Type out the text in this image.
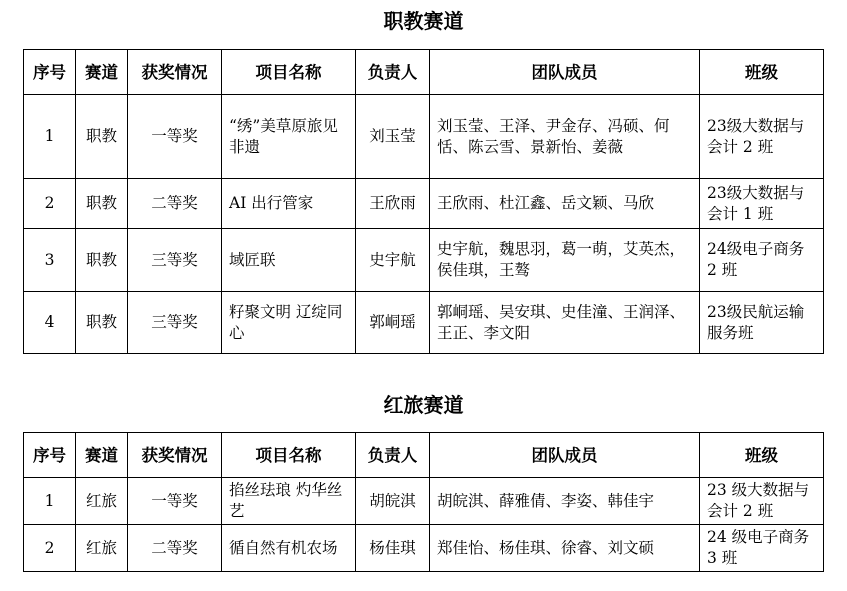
职教赛道
序号	赛道	获奖情况	项目名称	负责人	团队成员	班级
1	职教	一等奖	“绣”美草原旅见非遗	刘玉莹	刘玉莹、王泽、尹金存、冯硕、何恬、陈云雪、景新怡、姜薇	23级大数据与会计 2 班
2	职教	二等奖	AI 出行管家	王欣雨	王欣雨、杜江鑫、岳文颖、马欣	23级大数据与会计 1 班
3	职教	三等奖	域匠联	史宇航	史宇航，魏思羽，葛一萌，艾英杰，侯佳琪，王骜	24级电子商务 2 班
4	职教	三等奖	籽聚文明 辽绽同心	郭峒瑶	郭峒瑶、吴安琪、史佳潼、王润泽、 王正、李文阳	23级民航运输服务班
红旅赛道
序号	赛道	获奖情况	项目名称	负责人	团队成员	班级
1	红旅	一等奖	掐丝珐琅 灼华丝艺	胡皖淇	胡皖淇、薛雅倩、李姿、韩佳宇	23 级大数据与会计 2 班
2	红旅	二等奖	循自然有机农场	杨佳琪	郑佳怡、杨佳琪、徐睿、刘文硕	24 级电子商务 3 班
